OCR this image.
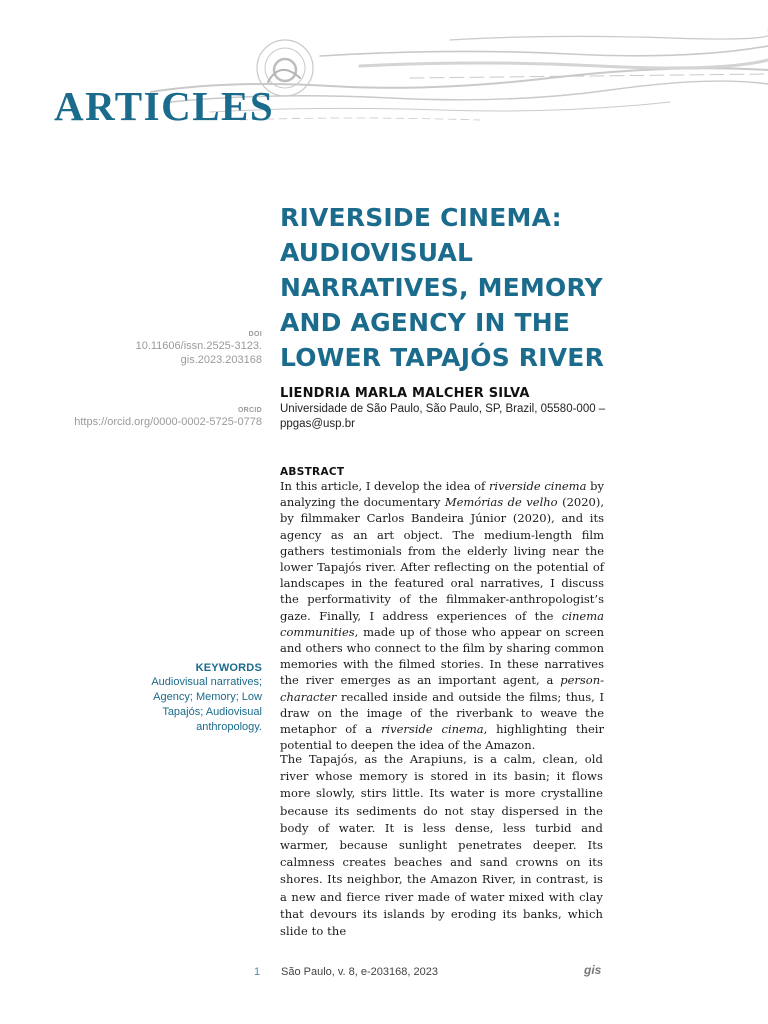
ARTICLES
RIVERSIDE CINEMA: AUDIOVISUAL NARRATIVES, MEMORY AND AGENCY IN THE LOWER TAPAJÓS RIVER
DOI
10.11606/issn.2525-3123.
gis.2023.203168
ORCID
https://orcid.org/0000-0002-5725-0778
KEYWORDS
Audiovisual narratives;
Agency; Memory; Low
Tapajós; Audiovisual
anthropology.

LIENDRIA MARLA MALCHER SILVA

Universidade de São Paulo, São Paulo, SP, Brazil, 05580-000 – ppgas@usp.br

ABSTRACT

In this article, I develop the idea of riverside cinema by analyzing the documentary Memórias de velho (2020), by filmmaker Carlos Bandeira Júnior (2020), and its agency as an art object. The medium-length film gathers testimonials from the elderly living near the lower Tapajós river. After reflecting on the potential of landscapes in the featured oral narratives, I discuss the performativity of the filmmaker-anthropologist’s gaze. Finally, I address experiences of the cinema communities, made up of those who appear on screen and others who connect to the film by sharing common memories with the filmed stories. In these narratives the river emerges as an important agent, a person-character recalled inside and outside the films; thus, I draw on the image of the riverbank to weave the metaphor of a riverside cinema, highlighting their potential to deepen the idea of the Amazon.

The Tapajós, as the Arapiuns, is a calm, clean, old river whose memory is stored in its basin; it flows more slowly, stirs little. Its water is more crystalline because its sediments do not stay dispersed in the body of water. It is less dense, less turbid and warmer, because sunlight penetrates deeper. Its calmness creates beaches and sand crowns on its shores. Its neighbor, the Amazon River, in contrast, is a new and fierce river made of water mixed with clay that devours its islands by eroding its banks, which slide to the

1 São Paulo, v. 8, e-203168, 2023	gis
